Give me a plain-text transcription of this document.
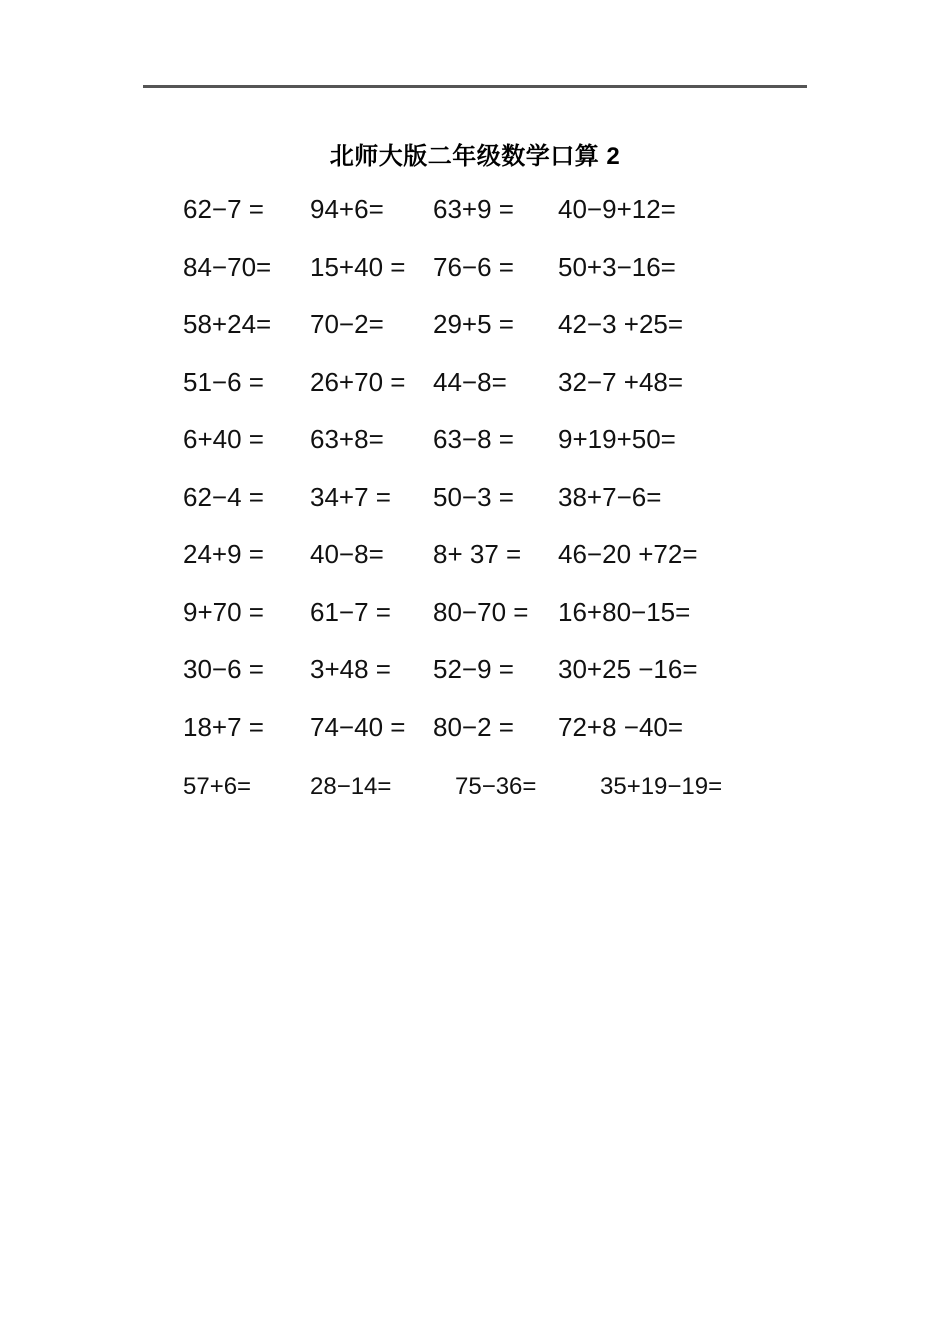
北师大版二年级数学口算 2
62−7 =	94+6=	63+9 =	40−9+12=
84−70=	15+40 =	76−6 =	50+3−16=
58+24=	70−2=	29+5 =	42−3 +25=
51−6 =	26+70 =	44−8=	32−7 +48=
6+40 =	63+8=	63−8 =	9+19+50=
62−4 =	34+7 =	50−3 =	38+7−6=
24+9 =	40−8=	8+ 37 =	46−20 +72=
9+70 =	61−7 =	80−70 =	16+80−15=
30−6 =	3+48 =	52−9 =	30+25 −16=
18+7 =	74−40 =	80−2 =	72+8 −40=
57+6=	28−14=	75−36=	35+19−19=
